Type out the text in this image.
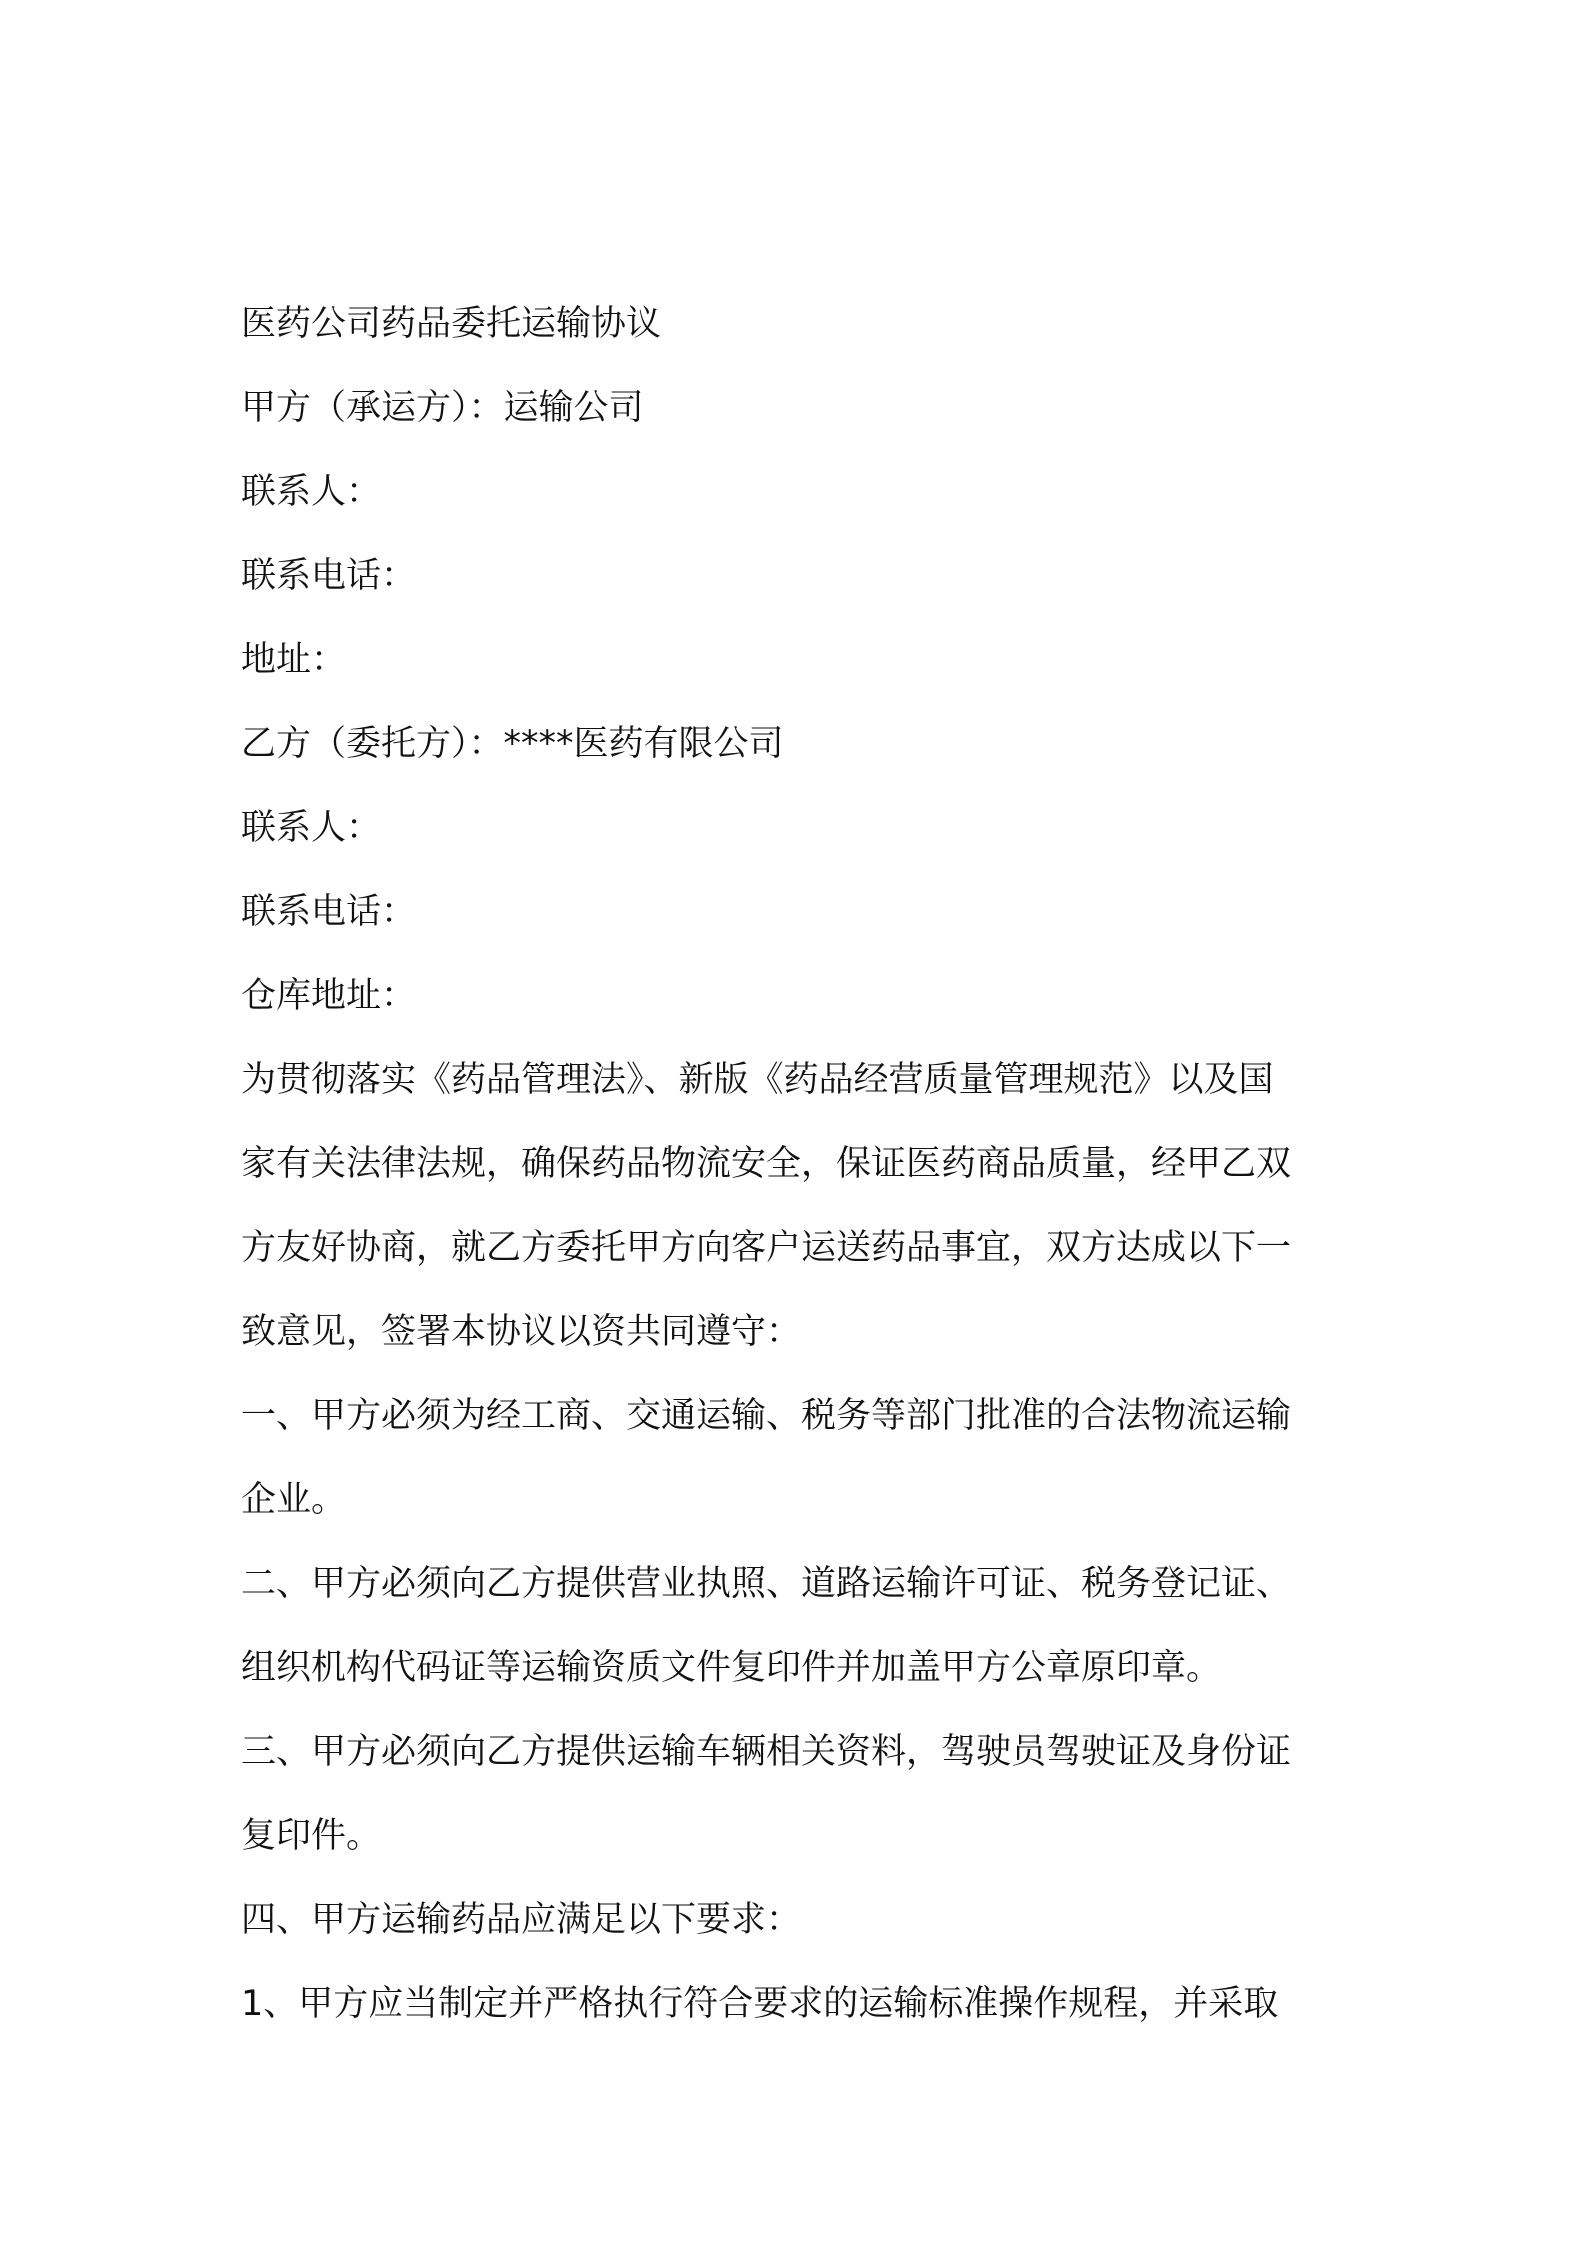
医药公司药品委托运输协议
甲方（承运方）：运输公司
联系人：
联系电话：
地址：
乙方（委托方）：****医药有限公司
联系人：
联系电话：
仓库地址：
为贯彻落实《药品管理法》、新版《药品经营质量管理规范》以及国
家有关法律法规，确保药品物流安全，保证医药商品质量，经甲乙双
方友好协商，就乙方委托甲方向客户运送药品事宜，双方达成以下一
致意见，签署本协议以资共同遵守：
一、甲方必须为经工商、交通运输、税务等部门批准的合法物流运输
企业。
二、甲方必须向乙方提供营业执照、道路运输许可证、税务登记证、
组织机构代码证等运输资质文件复印件并加盖甲方公章原印章。
三、甲方必须向乙方提供运输车辆相关资料，驾驶员驾驶证及身份证
复印件。
四、甲方运输药品应满足以下要求：
1、甲方应当制定并严格执行符合要求的运输标准操作规程，并采取
